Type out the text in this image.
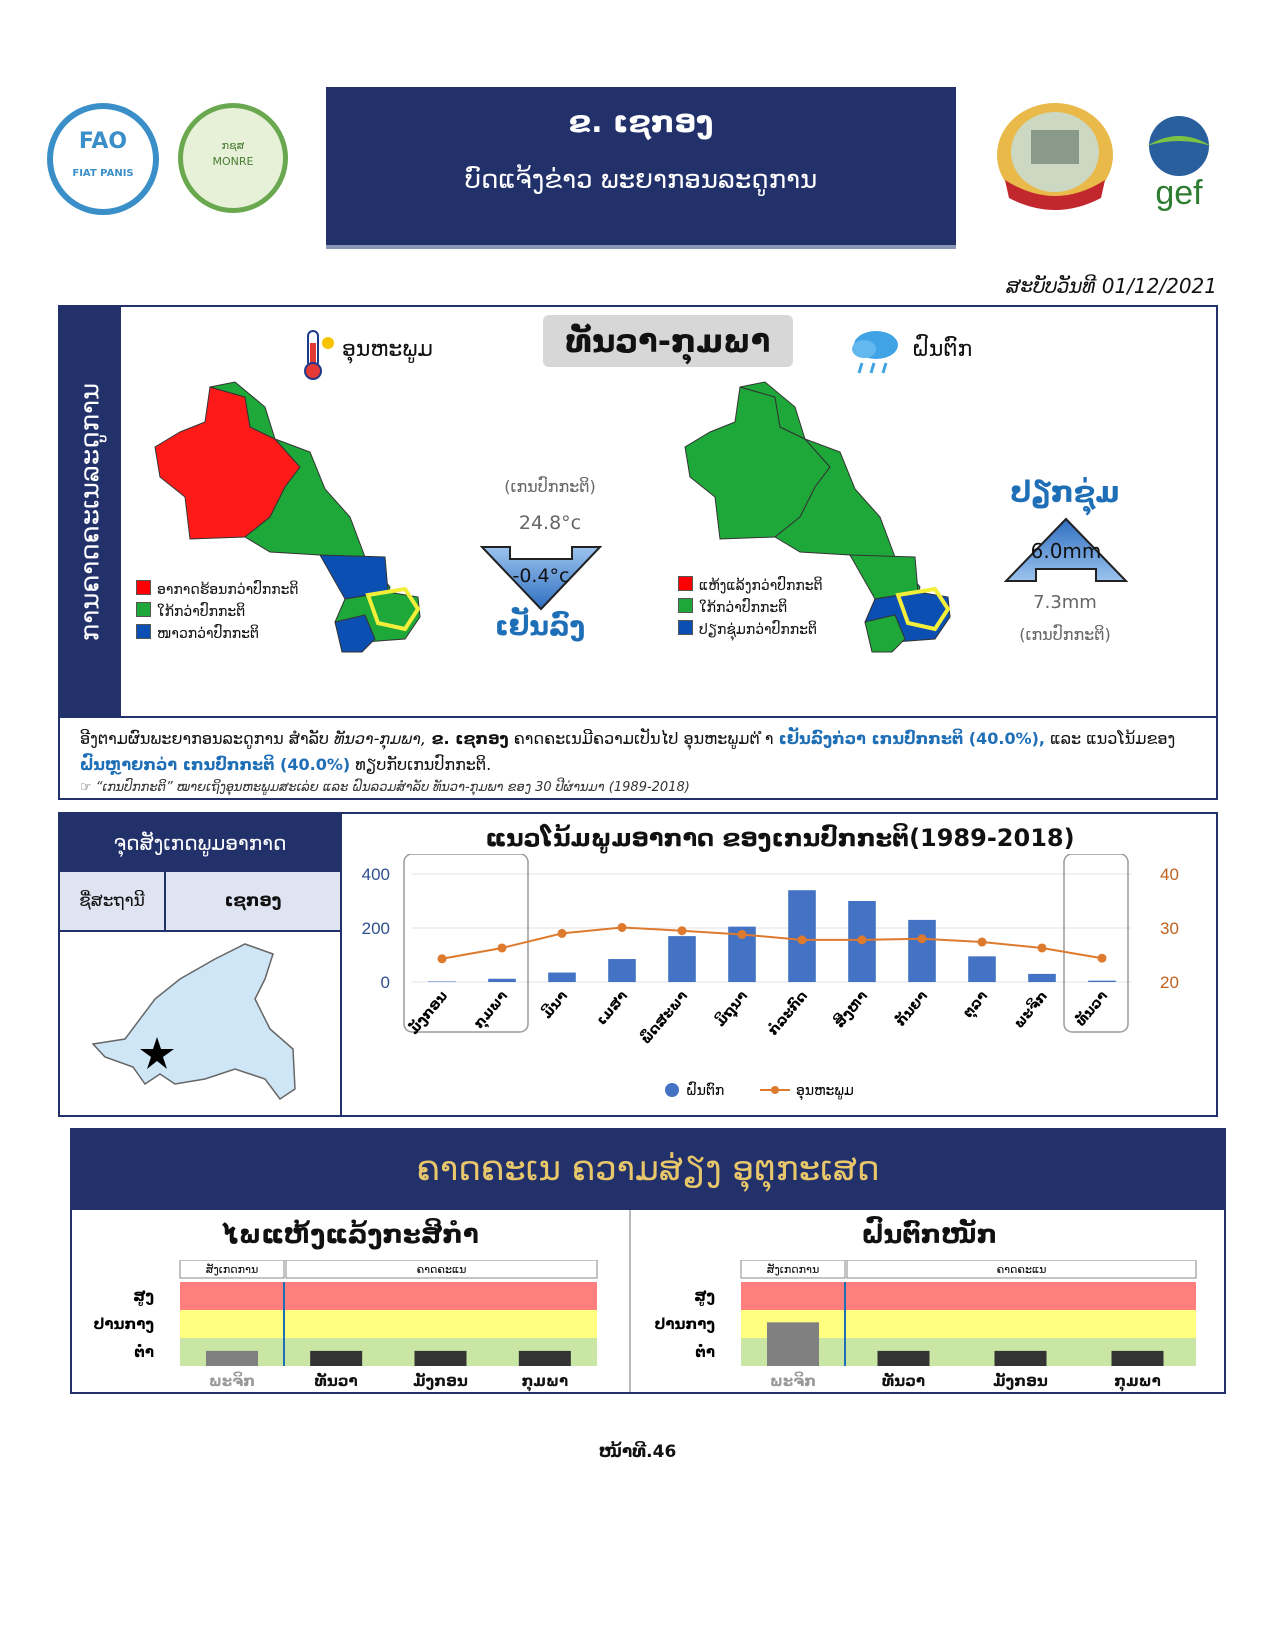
FAO
FIAT PANIS
ກຊສ
MONRE
ຂ. ເຊກອງ
ບົດແຈ້ງຂ່າວ ພະຍາກອນລະດູການ	gef
ສະບັບວັນທີ 01/12/2021
ການຄາດຄະເນລະດູການ
ທັນວາ-ກຸມພາ
ອຸນຫະພູມ
ອາກາດຮ້ອນກວ່າປົກກະຕິ
ໃກ້ກວ່າປົກກະຕິ
ໜາວກວ່າປົກກະຕິ
(ເກນປົກກະຕິ)
24.8°c
-0.4°c
ເຢັນລົງ
ຝົນຕົກ
ແຫ້ງແລ້ງກວ່າປົກກະຕິ
ໃກ້ກວ່າປົກກະຕິ
ປຽກຊຸ່ມກວ່າປົກກະຕິ
ປຽກຊຸ່ມ
6.0mm
7.3mm
(ເກນປົກກະຕິ)
ອີງຕາມຜົນພະຍາກອນລະດູການ ສຳລັບ ທັນວາ-ກຸມພາ, ຂ. ເຊກອງ ຄາດຄະເນມີຄວາມເປັນໄປ ອຸນຫະພູມຕ່ ຳ ເຢັນລົງກ່ວາ ເກນປົກກະຕິ (40.0%), ແລະ ແນວໂນ້ມຂອງ ຝົນຫຼາຍກວ່າ ເກນປົກກະຕິ (40.0%) ທຽບກັບເກນປົກກະຕິ.
☞ “ເກນປົກກະຕິ” ໝາຍເຖິງອຸນຫະພູມສະເລ່ຍ ແລະ ຝົນລວມສຳລັບ ທັນວາ-ກຸມພາ ຂອງ 30 ປີຜ່ານມາ (1989-2018)
ຈຸດສັງເກດພູມອາກາດ
ຊື່ສະຖານີ	ເຊກອງ
ແນວໂນ້ມພູມອາກາດ ຂອງເກນປົກກະຕິ(1989-2018)
0
200
400
20
30
40
ມັງກອນ ກຸມພາ ມີນາ ເມສາ ພຶດສະພາ ມິຖຸນາ ກໍລະກົດ ສິງຫາ ກັນຍາ ຕຸລາ ພະຈິກ ທັນວາ
ຝົນຕົກ	ອຸນຫະພູມ
ຄາດຄະເນ ຄວາມສ່ຽງ ອຸຕຸກະເສດ
ໄພແຫ້ງແລ້ງກະສິກຳ	ຝົນຕົກໜັກ
ສັງເກດການ	ຄາດຄະແນ
ສູງ
ປານກາງ
ຕໍ່າ
ພະຈິກ	ທັນວາ	ມັງກອນ	ກຸມພາ
ສັງເກດການ	ຄາດຄະແນ
ສູງ
ປານກາງ
ຕໍ່າ
ພະຈິກ	ທັນວາ	ມັງກອນ	ກຸມພາ
ໜ້າທີ.46
